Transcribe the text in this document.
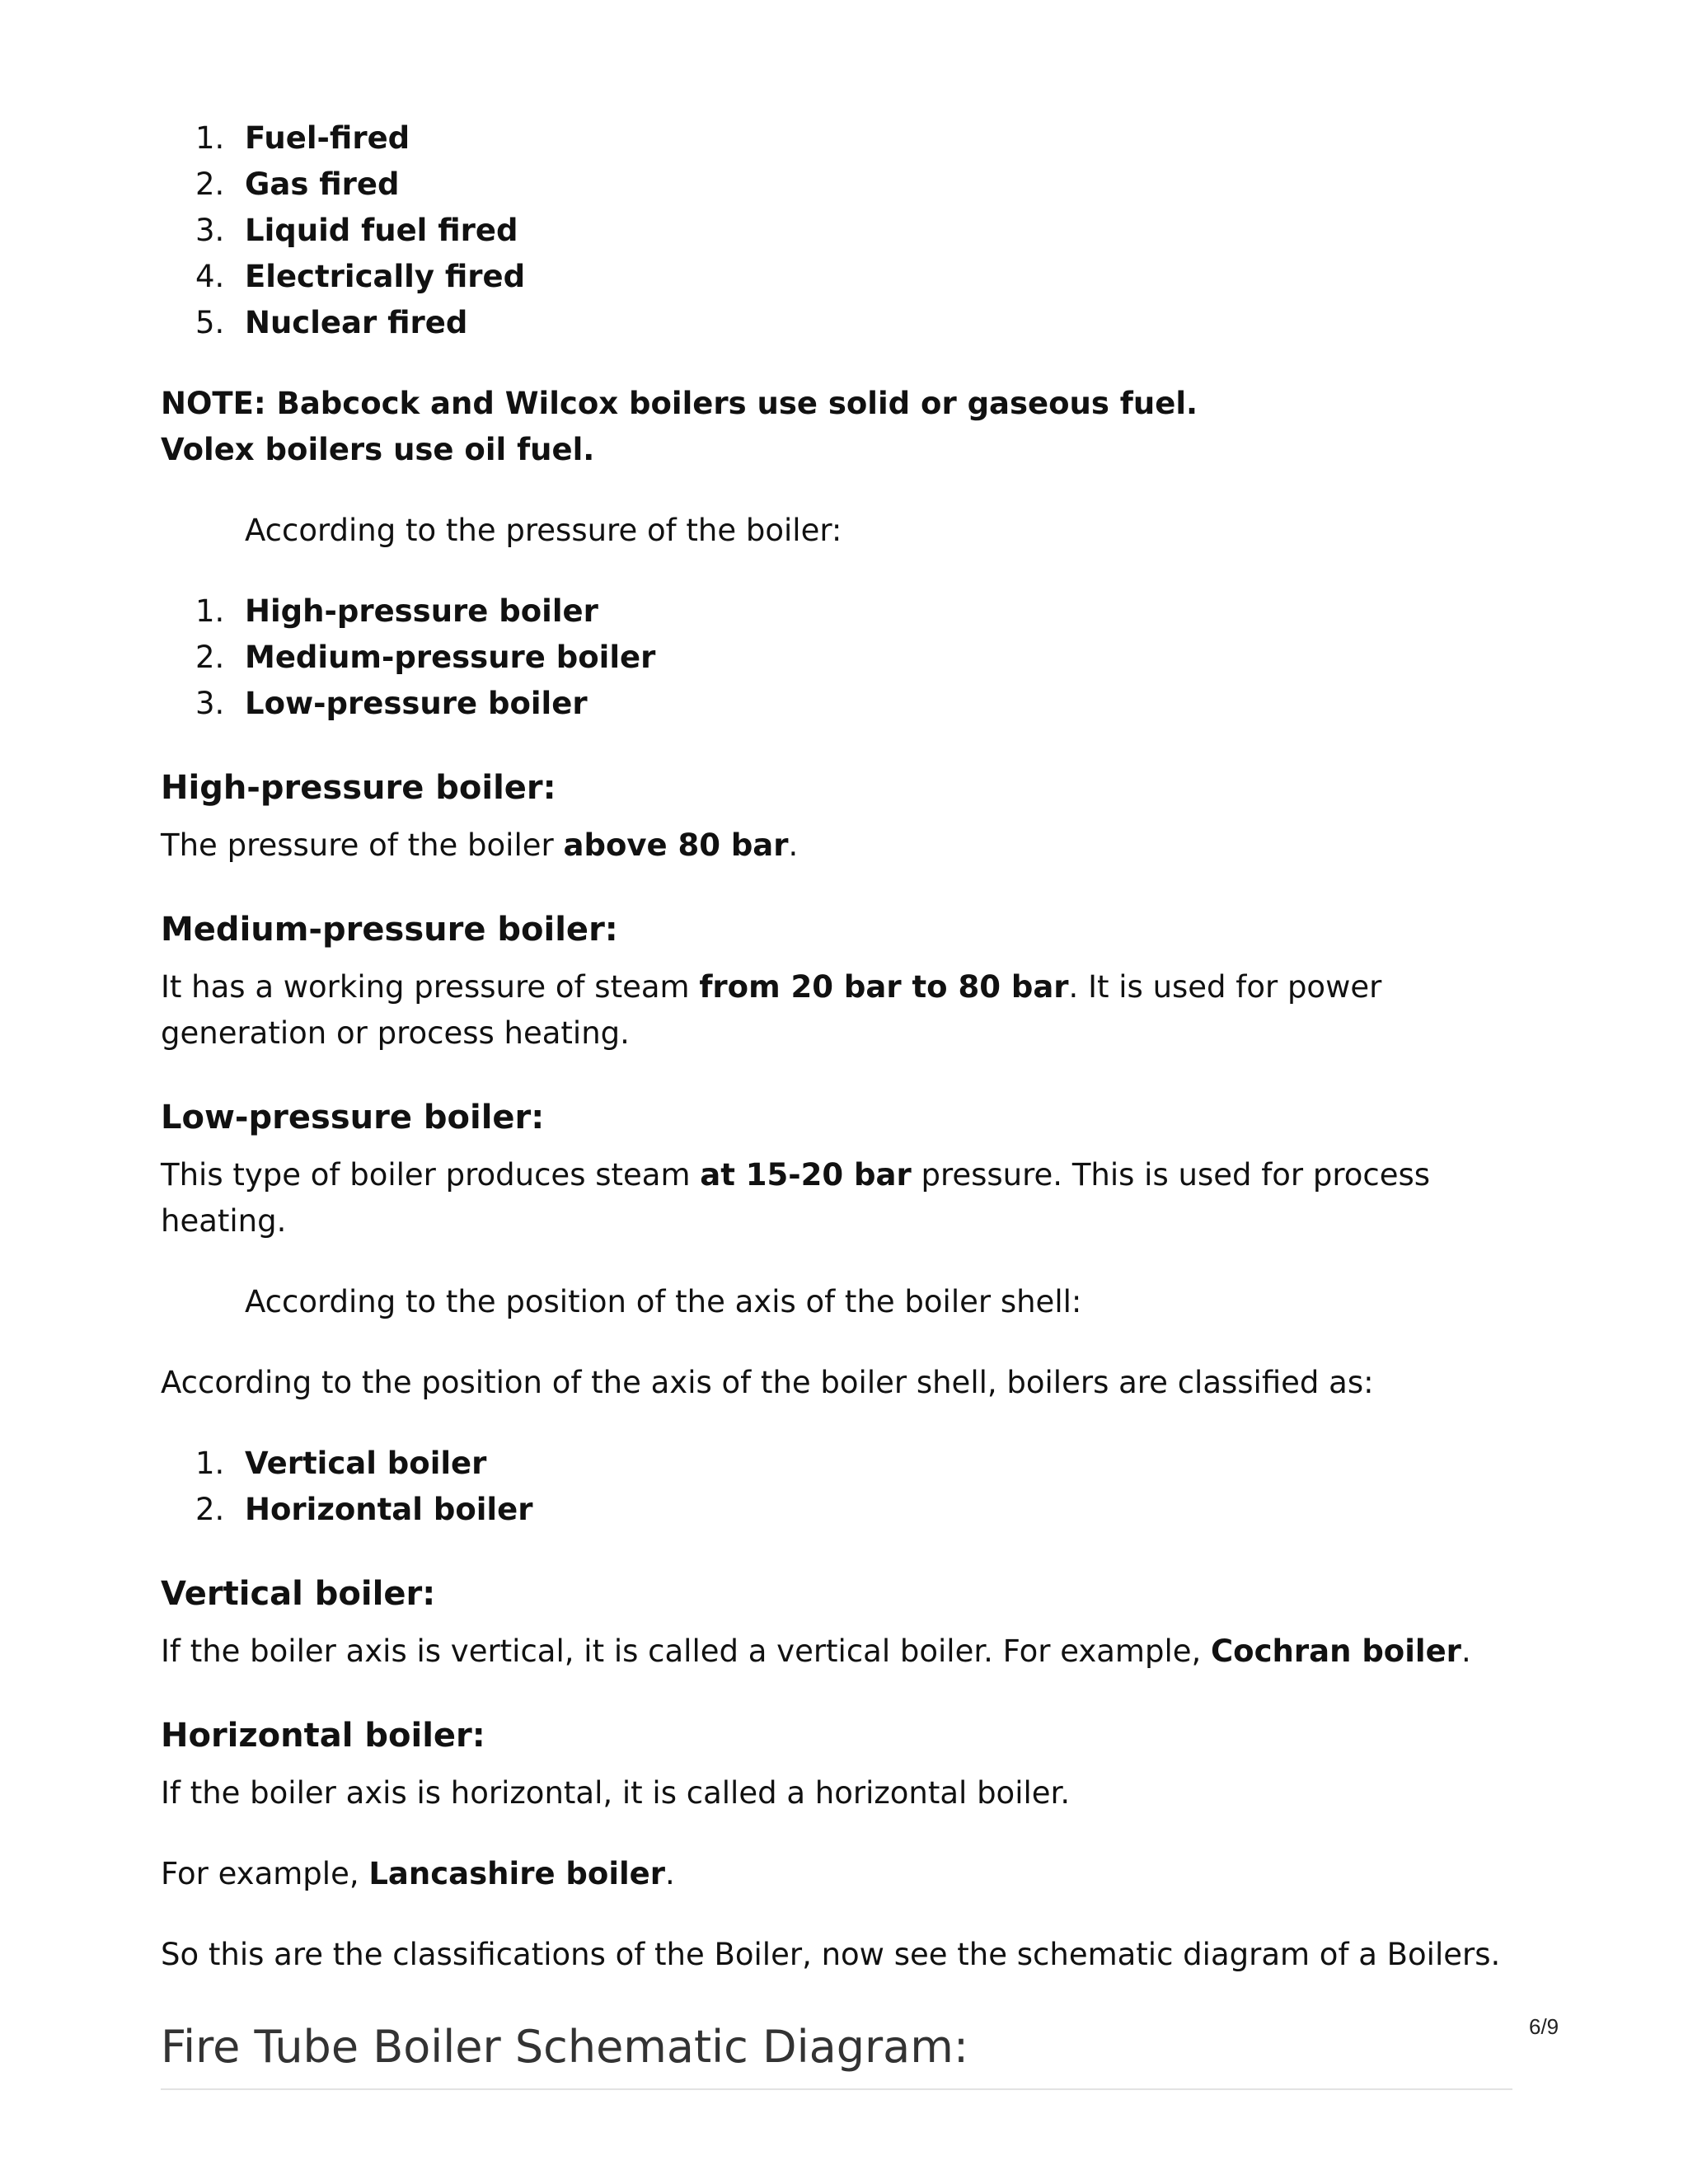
1. Fuel-fired
2. Gas fired
3. Liquid fuel fired
4. Electrically fired
5. Nuclear fired
NOTE: Babcock and Wilcox boilers use solid or gaseous fuel.
Volex boilers use oil fuel.
According to the pressure of the boiler:
1. High-pressure boiler
2. Medium-pressure boiler
3. Low-pressure boiler
High-pressure boiler:

The pressure of the boiler above 80 bar.

Medium-pressure boiler:

It has a working pressure of steam from 20 bar to 80 bar. It is used for power generation or process heating.

Low-pressure boiler:

This type of boiler produces steam at 15-20 bar pressure. This is used for process heating.

According to the position of the axis of the boiler shell:

According to the position of the axis of the boiler shell, boilers are classified as:

1. Vertical boiler
2. Horizontal boiler
Vertical boiler:

If the boiler axis is vertical, it is called a vertical boiler. For example, Cochran boiler.

Horizontal boiler:

If the boiler axis is horizontal, it is called a horizontal boiler.

For example, Lancashire boiler.

So this are the classifications of the Boiler, now see the schematic diagram of a Boilers.

Fire Tube Boiler Schematic Diagram:	6/9
